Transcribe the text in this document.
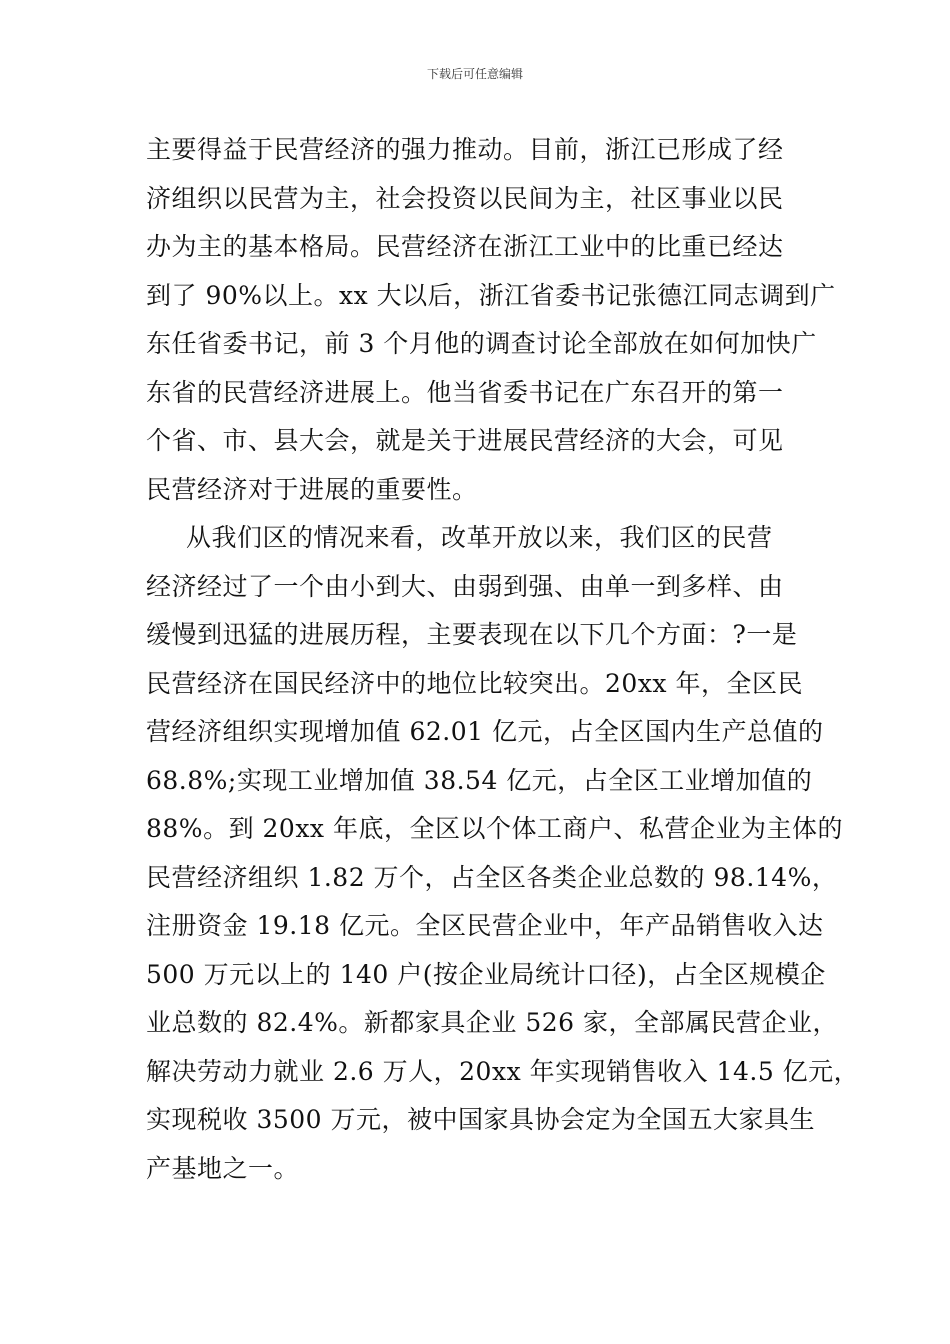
下载后可任意编辑
主要得益于民营经济的强力推动。目前，浙江已形成了经
济组织以民营为主，社会投资以民间为主，社区事业以民
办为主的基本格局。民营经济在浙江工业中的比重已经达
到了 90%以上。xx 大以后，浙江省委书记张德江同志调到广
东任省委书记，前 3 个月他的调查讨论全部放在如何加快广
东省的民营经济进展上。他当省委书记在广东召开的第一
个省、市、县大会，就是关于进展民营经济的大会，可见
民营经济对于进展的重要性。
从我们区的情况来看，改革开放以来，我们区的民营
经济经过了一个由小到大、由弱到强、由单一到多样、由
缓慢到迅猛的进展历程，主要表现在以下几个方面：?一是
民营经济在国民经济中的地位比较突出。20xx 年，全区民
营经济组织实现增加值 62.01 亿元，占全区国内生产总值的
68.8%;实现工业增加值 38.54 亿元，占全区工业增加值的
88%。到 20xx 年底，全区以个体工商户、私营企业为主体的
民营经济组织 1.82 万个，占全区各类企业总数的 98.14%，
注册资金 19.18 亿元。全区民营企业中，年产品销售收入达
500 万元以上的 140 户(按企业局统计口径)，占全区规模企
业总数的 82.4%。新都家具企业 526 家，全部属民营企业，
解决劳动力就业 2.6 万人，20xx 年实现销售收入 14.5 亿元，
实现税收 3500 万元，被中国家具协会定为全国五大家具生
产基地之一。
